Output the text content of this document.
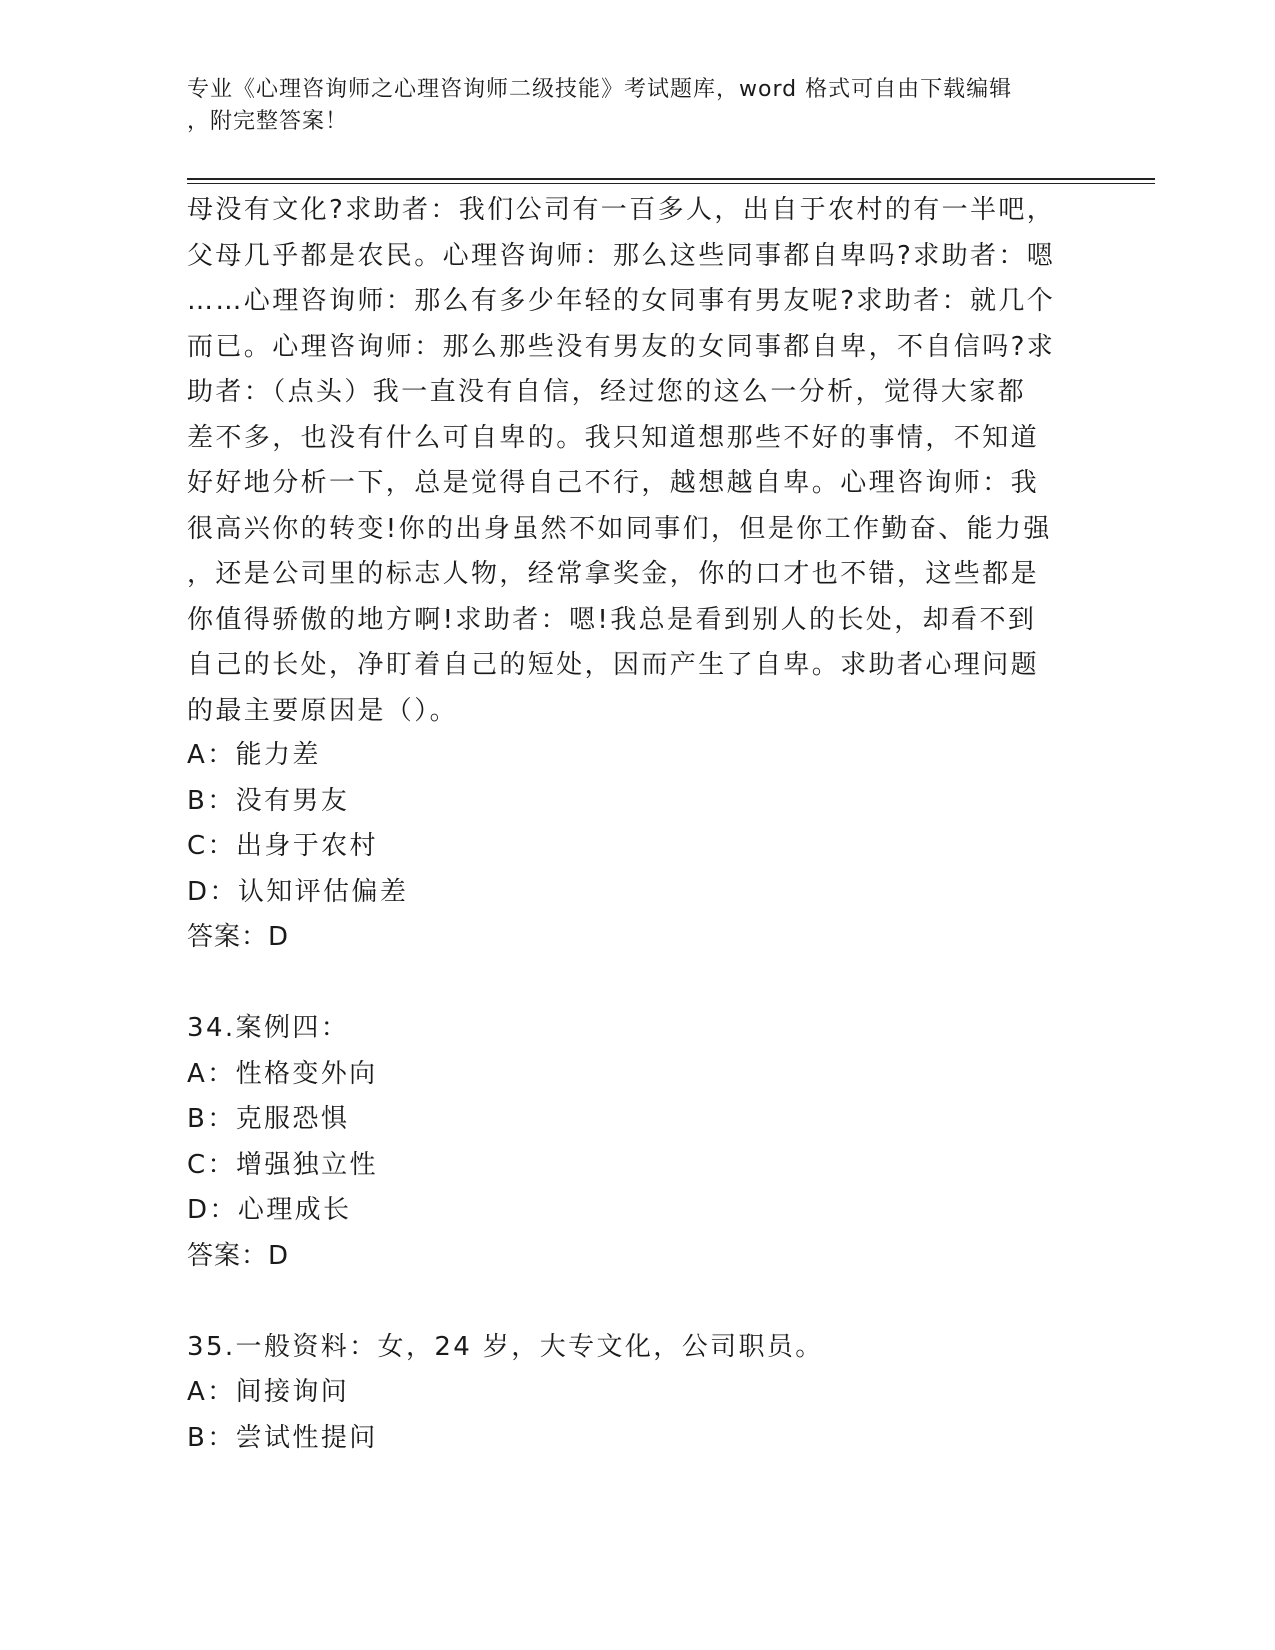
专业《心理咨询师之心理咨询师二级技能》考试题库，word 格式可自由下载编辑
，附完整答案！
母没有文化?求助者：我们公司有一百多人，出自于农村的有一半吧，
父母几乎都是农民。心理咨询师：那么这些同事都自卑吗?求助者：嗯
……心理咨询师：那么有多少年轻的女同事有男友呢?求助者：就几个
而已。心理咨询师：那么那些没有男友的女同事都自卑，不自信吗?求
助者：（点头）我一直没有自信，经过您的这么一分析，觉得大家都
差不多，也没有什么可自卑的。我只知道想那些不好的事情，不知道
好好地分析一下，总是觉得自己不行，越想越自卑。心理咨询师：我
很高兴你的转变!你的出身虽然不如同事们，但是你工作勤奋、能力强
，还是公司里的标志人物，经常拿奖金，你的口才也不错，这些都是
你值得骄傲的地方啊!求助者：嗯!我总是看到别人的长处，却看不到
自己的长处，净盯着自己的短处，因而产生了自卑。求助者心理问题
的最主要原因是（）。
A：能力差
B：没有男友
C：出身于农村
D：认知评估偏差
答案：D
34.案例四：
A：性格变外向
B：克服恐惧
C：增强独立性
D：心理成长
答案：D
35.一般资料：女，24 岁，大专文化，公司职员。
A：间接询问
B：尝试性提问
